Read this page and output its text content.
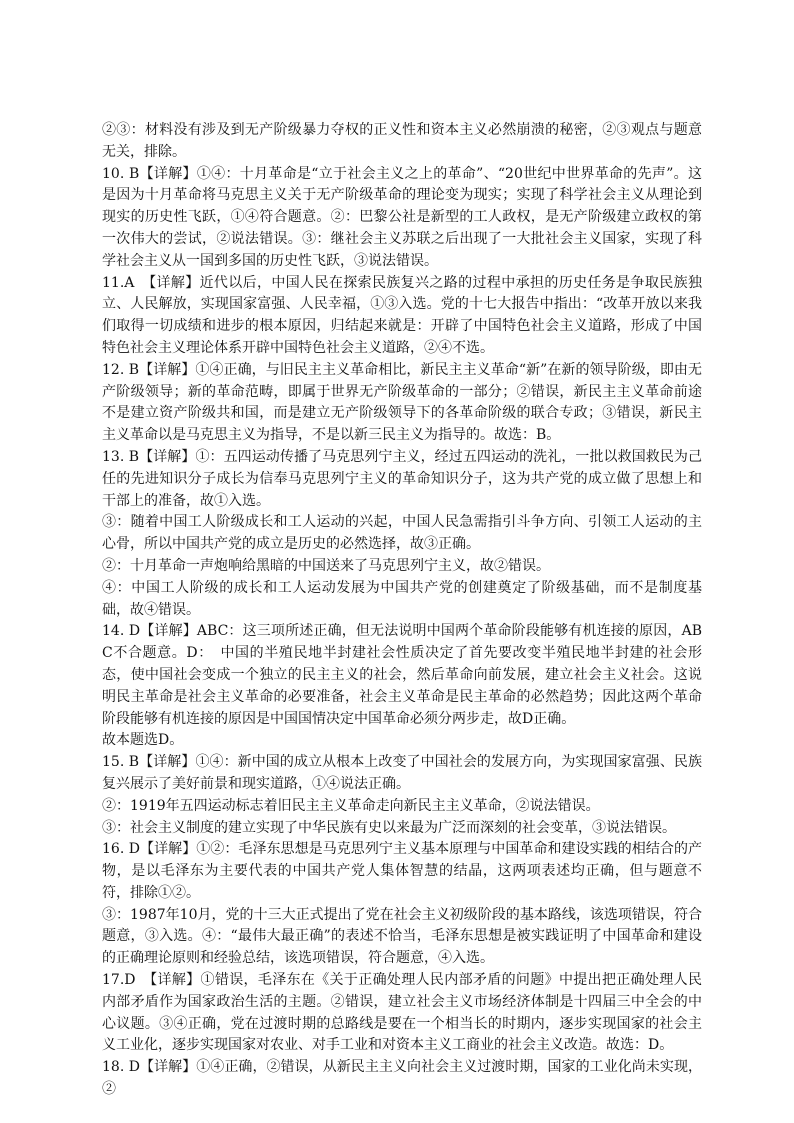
②③：材料没有涉及到无产阶级暴力夺权的正义性和资本主义必然崩溃的秘密，②③观点与题意无关，排除。

10. B【详解】①④：十月革命是“立于社会主义之上的革命”、“20世纪中世界革命的先声”。这是因为十月革命将马克思主义关于无产阶级革命的理论变为现实；实现了科学社会主义从理论到现实的历史性飞跃，①④符合题意。②：巴黎公社是新型的工人政权，是无产阶级建立政权的第一次伟大的尝试，②说法错误。③：继社会主义苏联之后出现了一大批社会主义国家，实现了科学社会主义从一国到多国的历史性飞跃，③说法错误。

11.A　【详解】近代以后，中国人民在探索民族复兴之路的过程中承担的历史任务是争取民族独立、人民解放，实现国家富强、人民幸福，①③入选。党的十七大报告中指出：“改革开放以来我们取得一切成绩和进步的根本原因，归结起来就是：开辟了中国特色社会主义道路，形成了中国特色社会主义理论体系开辟中国特色社会主义道路，②④不选。

12. B【详解】①④正确，与旧民主主义革命相比，新民主主义革命“新”在新的领导阶级，即由无产阶级领导；新的革命范畴，即属于世界无产阶级革命的一部分；②错误，新民主主义革命前途不是建立资产阶级共和国，而是建立无产阶级领导下的各革命阶级的联合专政；③错误，新民主主义革命以是马克思主义为指导，不是以新三民主义为指导的。故选：B。

13. B【详解】①：五四运动传播了马克思列宁主义，经过五四运动的洗礼，一批以救国救民为己任的先进知识分子成长为信奉马克思列宁主义的革命知识分子，这为共产党的成立做了思想上和干部上的准备，故①入选。

③：随着中国工人阶级成长和工人运动的兴起，中国人民急需指引斗争方向、引领工人运动的主心骨，所以中国共产党的成立是历史的必然选择，故③正确。

②：十月革命一声炮响给黑暗的中国送来了马克思列宁主义，故②错误。

④：中国工人阶级的成长和工人运动发展为中国共产党的创建奠定了阶级基础，而不是制度基础，故④错误。

14. D【详解】ABC：这三项所述正确，但无法说明中国两个革命阶段能够有机连接的原因，ABC不合题意。D：　中国的半殖民地半封建社会性质决定了首先要改变半殖民地半封建的社会形态，使中国社会变成一个独立的民主主义的社会，然后革命向前发展，建立社会主义社会。这说明民主革命是社会主义革命的必要准备，社会主义革命是民主革命的必然趋势；因此这两个革命阶段能够有机连接的原因是中国国情决定中国革命必须分两步走，故D正确。

故本题选D。

15. B【详解】①④：新中国的成立从根本上改变了中国社会的发展方向，为实现国家富强、民族复兴展示了美好前景和现实道路，①④说法正确。

②：1919年五四运动标志着旧民主主义革命走向新民主主义革命，②说法错误。

③：社会主义制度的建立实现了中华民族有史以来最为广泛而深刻的社会变革，③说法错误。

16. D【详解】①②：毛泽东思想是马克思列宁主义基本原理与中国革命和建设实践的相结合的产物，是以毛泽东为主要代表的中国共产党人集体智慧的结晶，这两项表述均正确，但与题意不符，排除①②。

③：1987年10月，党的十三大正式提出了党在社会主义初级阶段的基本路线，该选项错误，符合题意，③入选。④：“最伟大最正确”的表述不恰当，毛泽东思想是被实践证明了中国革命和建设的正确理论原则和经验总结，该选项错误，符合题意，④入选。

17.D　【详解】①错误，毛泽东在《关于正确处理人民内部矛盾的问题》中提出把正确处理人民内部矛盾作为国家政治生活的主题。②错误，建立社会主义市场经济体制是十四届三中全会的中心议题。③④正确，党在过渡时期的总路线是要在一个相当长的时期内，逐步实现国家的社会主义工业化，逐步实现国家对农业、对手工业和对资本主义工商业的社会主义改造。故选：D。

18. D【详解】①④正确，②错误，从新民主主义向社会主义过渡时期，国家的工业化尚未实现，②
